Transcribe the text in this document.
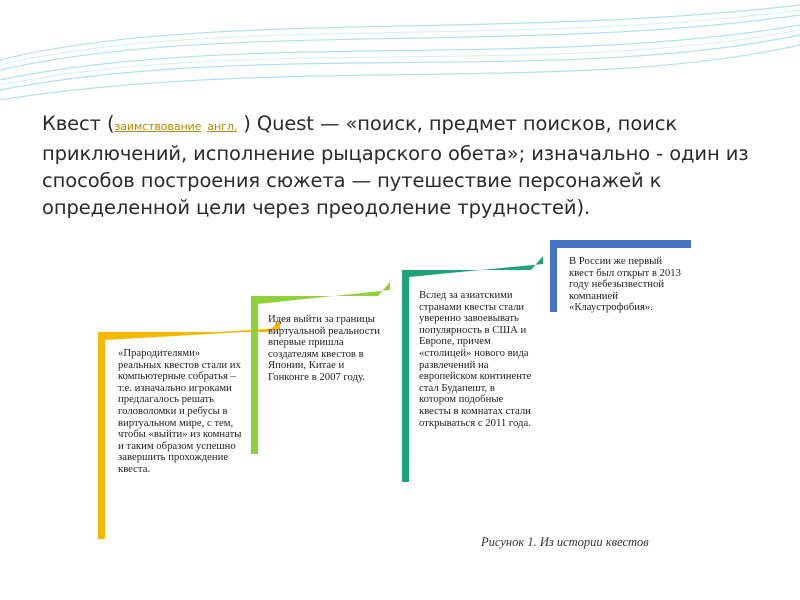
Квест (заимствование англ. ) Quest — «поиск, предмет поисков, поиск приключений, исполнение рыцарского обета»; изначально - один из способов построения сюжета — путешествие персонажей к определенной цели через преодоление трудностей).
«Прародителями» реальных квестов стали их компьютерные собратья – т.е. изначально игроками предлагалось решать головоломки и ребусы в виртуальном мире, с тем, чтобы «выйти» из комнаты и таким образом успешно завершить прохождение квеста.
Идея выйти за границы виртуальной реальности впервые пришла создателям квестов в Японии, Китае и Гонконге в 2007 году.
Вслед за азиатскими странами квесты стали уверенно завоевывать популярность в США и Европе, причем «столицей» нового вида развлечений на европейском континенте стал Будапешт, в котором подобные квесты в комнатах стали открываться с 2011 года.
В России же первый квест был открыт в 2013 году небезызвестной компанией «Клаустрофобия».
Рисунок 1. Из истории квестов
